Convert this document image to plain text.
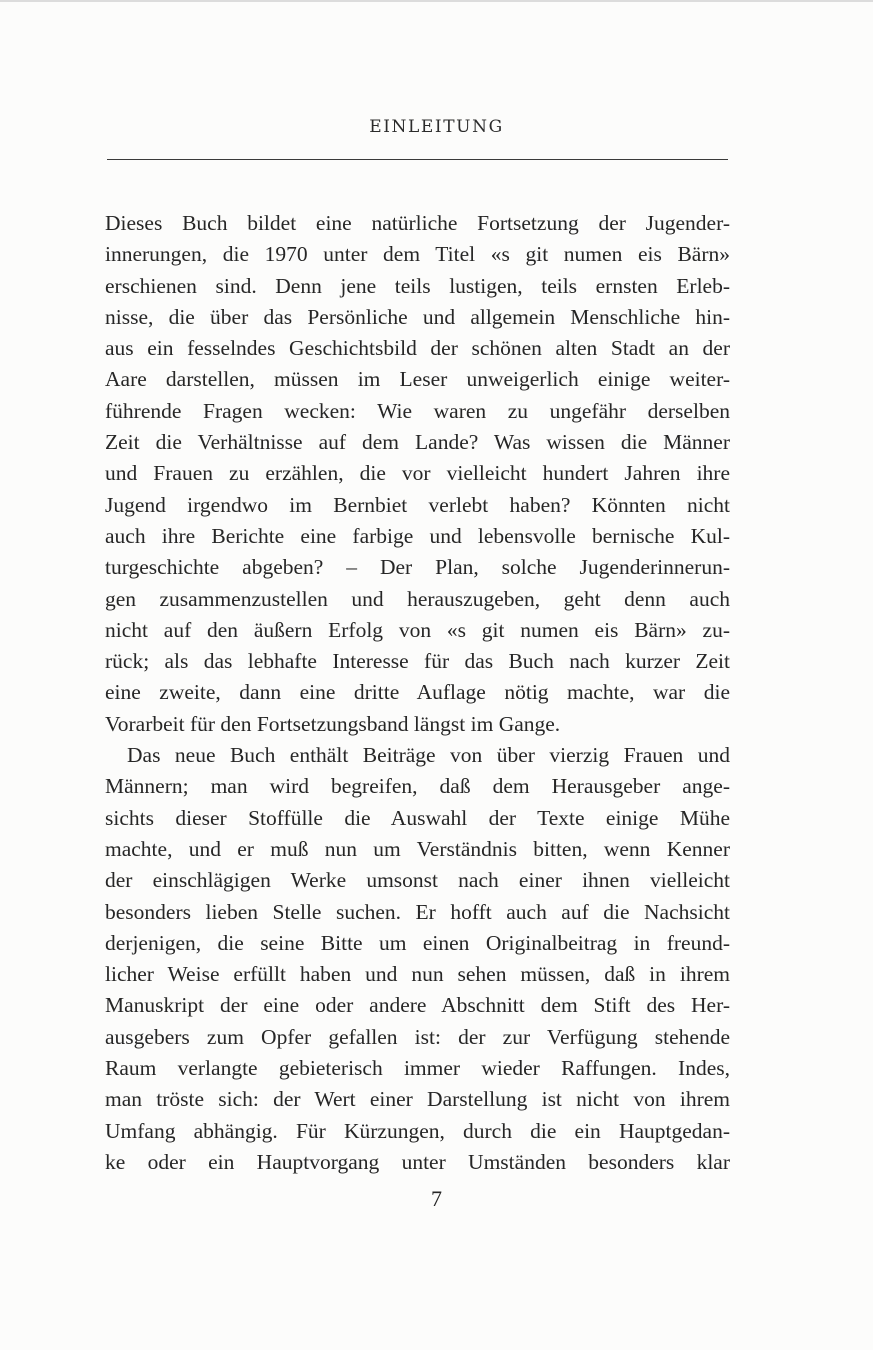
EINLEITUNG
Dieses Buch bildet eine natürliche Fortsetzung der Jugender-
innerungen, die 1970 unter dem Titel «s git numen eis Bärn»
erschienen sind. Denn jene teils lustigen, teils ernsten Erleb-
nisse, die über das Persönliche und allgemein Menschliche hin-
aus ein fesselndes Geschichtsbild der schönen alten Stadt an der
Aare darstellen, müssen im Leser unweigerlich einige weiter-
führende Fragen wecken: Wie waren zu ungefähr derselben
Zeit die Verhältnisse auf dem Lande? Was wissen die Männer
und Frauen zu erzählen, die vor vielleicht hundert Jahren ihre
Jugend irgendwo im Bernbiet verlebt haben? Könnten nicht
auch ihre Berichte eine farbige und lebensvolle bernische Kul-
turgeschichte abgeben? – Der Plan, solche Jugenderinnerun-
gen zusammenzustellen und herauszugeben, geht denn auch
nicht auf den äußern Erfolg von «s git numen eis Bärn» zu-
rück; als das lebhafte Interesse für das Buch nach kurzer Zeit
eine zweite, dann eine dritte Auflage nötig machte, war die
Vorarbeit für den Fortsetzungsband längst im Gange.
Das neue Buch enthält Beiträge von über vierzig Frauen und
Männern; man wird begreifen, daß dem Herausgeber ange-
sichts dieser Stoffülle die Auswahl der Texte einige Mühe
machte, und er muß nun um Verständnis bitten, wenn Kenner
der einschlägigen Werke umsonst nach einer ihnen vielleicht
besonders lieben Stelle suchen. Er hofft auch auf die Nachsicht
derjenigen, die seine Bitte um einen Originalbeitrag in freund-
licher Weise erfüllt haben und nun sehen müssen, daß in ihrem
Manuskript der eine oder andere Abschnitt dem Stift des Her-
ausgebers zum Opfer gefallen ist: der zur Verfügung stehende
Raum verlangte gebieterisch immer wieder Raffungen. Indes,
man tröste sich: der Wert einer Darstellung ist nicht von ihrem
Umfang abhängig. Für Kürzungen, durch die ein Hauptgedan-
ke oder ein Hauptvorgang unter Umständen besonders klar
7
